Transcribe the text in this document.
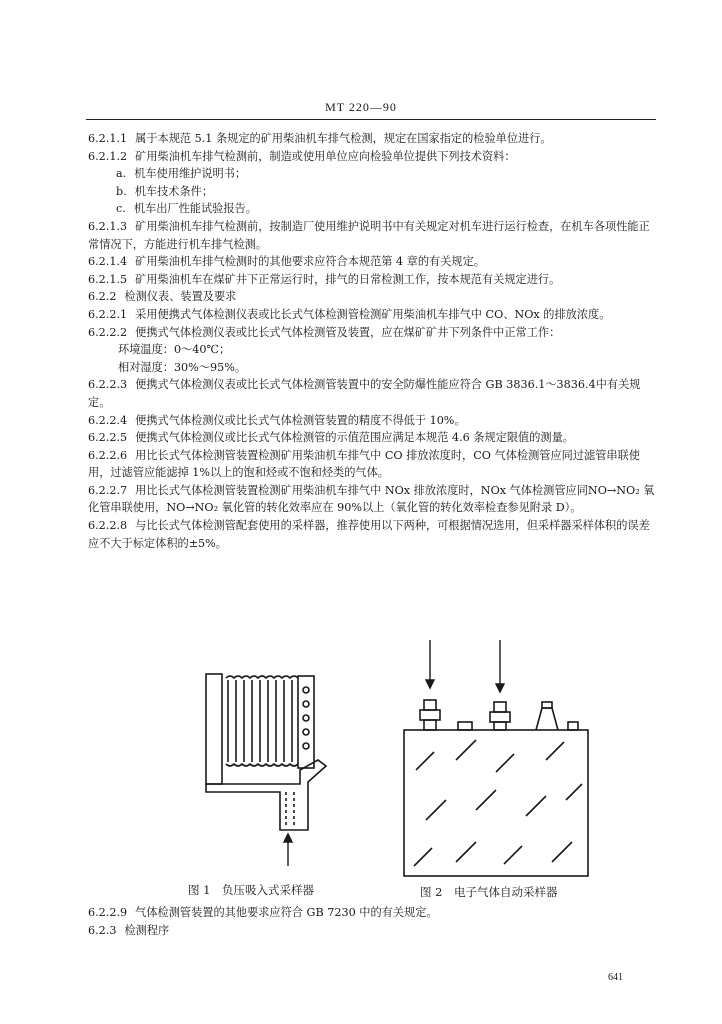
MT 220—90

6.2.1.1 属于本规范 5.1 条规定的矿用柴油机车排气检测，规定在国家指定的检验单位进行。

6.2.1.2 矿用柴油机车排气检测前，制造或使用单位应向检验单位提供下列技术资料：

a. 机车使用维护说明书；

b. 机车技术条件；

c. 机车出厂性能试验报告。

6.2.1.3 矿用柴油机车排气检测前，按制造厂使用维护说明书中有关规定对机车进行运行检查，在机车各项性能正常情况下，方能进行机车排气检测。

6.2.1.4 矿用柴油机车排气检测时的其他要求应符合本规范第 4 章的有关规定。

6.2.1.5 矿用柴油机车在煤矿井下正常运行时，排气的日常检测工作，按本规范有关规定进行。

6.2.2 检测仪表、装置及要求

6.2.2.1 采用便携式气体检测仪表或比长式气体检测管检测矿用柴油机车排气中 CO、NOx 的排放浓度。

6.2.2.2 便携式气体检测仪表或比长式气体检测管及装置，应在煤矿矿井下列条件中正常工作：

环境温度：0～40℃；

相对湿度：30%～95%。

6.2.2.3 便携式气体检测仪表或比长式气体检测管装置中的安全防爆性能应符合 GB 3836.1～3836.4中有关规定。

6.2.2.4 便携式气体检测仪或比长式气体检测管装置的精度不得低于 10%。

6.2.2.5 便携式气体检测仪或比长式气体检测管的示值范围应满足本规范 4.6 条规定限值的测量。

6.2.2.6 用比长式气体检测管装置检测矿用柴油机车排气中 CO 排放浓度时，CO 气体检测管应同过滤管串联使用，过滤管应能滤掉 1%以上的饱和烃或不饱和烃类的气体。

6.2.2.7 用比长式气体检测管装置检测矿用柴油机车排气中 NOx 排放浓度时，NOx 气体检测管应同NO→NO₂ 氧化管串联使用，NO→NO₂ 氧化管的转化效率应在 90%以上（氧化管的转化效率检查参见附录 D）。

6.2.2.8 与比长式气体检测管配套使用的采样器，推荐使用以下两种，可根据情况选用，但采样器采样体积的误差应不大于标定体积的±5%。

图 1　负压吸入式采样器	图 2　电子气体自动采样器

6.2.2.9 气体检测管装置的其他要求应符合 GB 7230 中的有关规定。

6.2.3 检测程序

641
